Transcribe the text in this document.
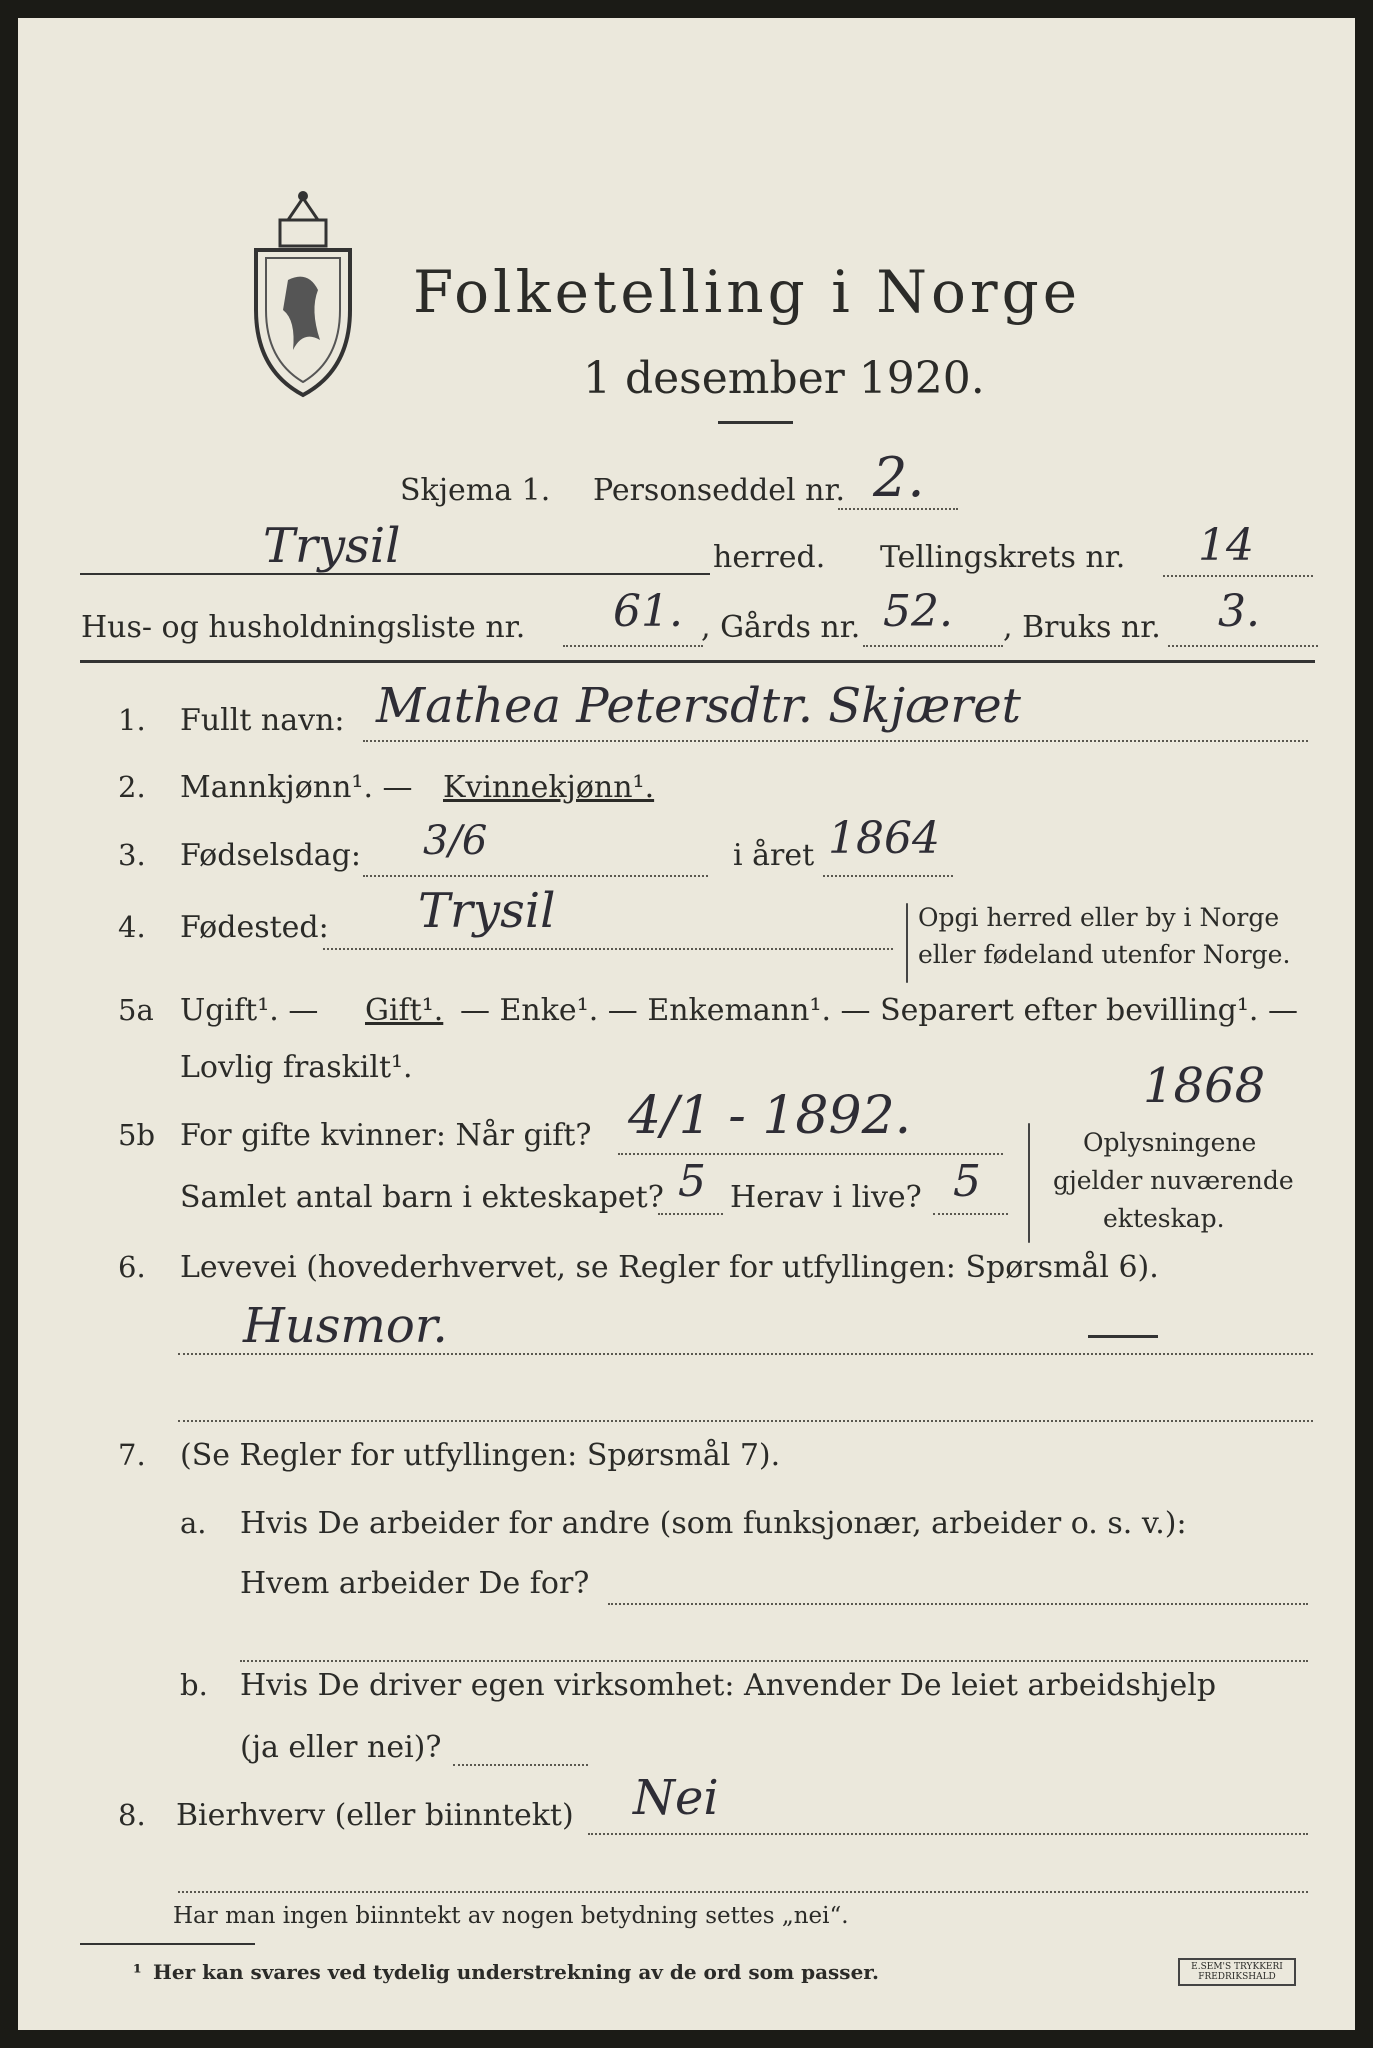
Folketelling i Norge
1 desember 1920.
Skjema 1. Personseddel nr. 2.
Trysil	herred. Tellingskrets nr. 14
Hus- og husholdningsliste nr. 61. , Gårds nr. 52. , Bruks nr. 3.
1. Fullt navn: Mathea Petersdtr. Skjæret
2. Mannkjønn¹. — Kvinnekjønn¹.
3. Fødselsdag: 3/6	i året 1864
4. Fødested: Trysil	Opgi herred eller by i Norge
eller fødeland utenfor Norge.
5a Ugift¹. — Gift¹. — Enke¹. — Enkemann¹. — Separert efter bevilling¹. —
Lovlig fraskilt¹.
5b For gifte kvinner: Når gift? 4/1 - 1892.	1868
Samlet antal barn i ekteskapet? 5 Herav i live? 5
Oplysningene
gjelder nuværende
ekteskap.
6. Levevei (hovederhvervet, se Regler for utfyllingen: Spørsmål 6).
Husmor.
7. (Se Regler for utfyllingen: Spørsmål 7).
a. Hvis De arbeider for andre (som funksjonær, arbeider o. s. v.):
Hvem arbeider De for?
b. Hvis De driver egen virksomhet: Anvender De leiet arbeidshjelp
(ja eller nei)?
8. Bierhverv (eller biinntekt) Nei
Har man ingen biinntekt av nogen betydning settes „nei“.
¹ Her kan svares ved tydelig understrekning av de ord som passer.	E.SEM'S TRYKKERI
FREDRIKSHALD
